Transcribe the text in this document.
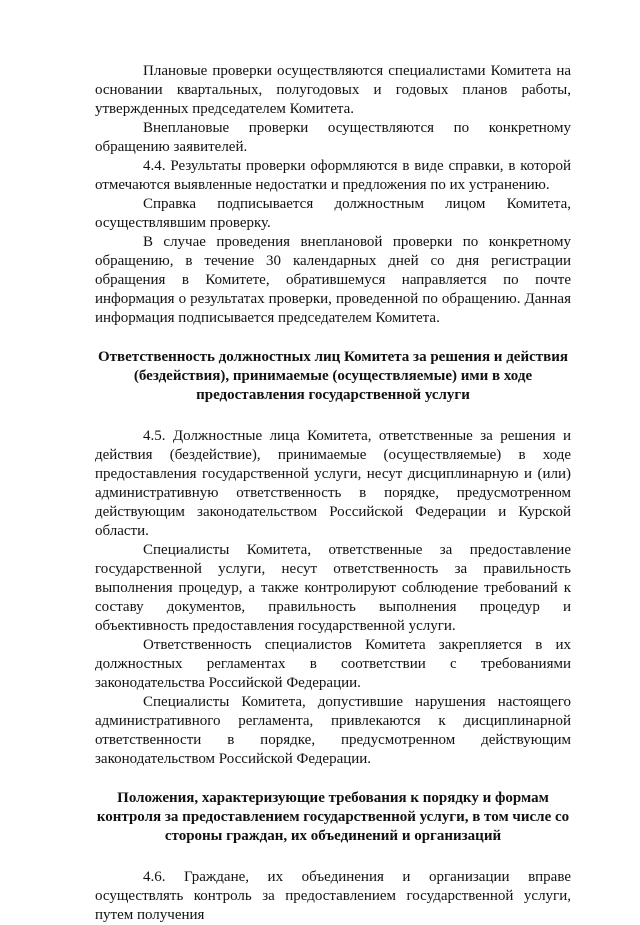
Плановые проверки осуществляются специалистами Комитета на основании квартальных, полугодовых и годовых планов работы, утвержденных председателем Комитета.

Внеплановые проверки осуществляются по конкретному обращению заявителей.

4.4. Результаты проверки оформляются в виде справки, в которой отмечаются выявленные недостатки и предложения по их устранению.

Справка подписывается должностным лицом Комитета, осуществлявшим проверку.

В случае проведения внеплановой проверки по конкретному обращению, в течение 30 календарных дней со дня регистрации обращения в Комитете, обратившемуся направляется по почте информация о результатах проверки, проведенной по обращению. Данная информация подписывается председателем Комитета.

Ответственность должностных лиц Комитета за решения и действия (бездействия), принимаемые (осуществляемые) ими в ходе предоставления государственной услуги

4.5. Должностные лица Комитета, ответственные за решения и действия (бездействие), принимаемые (осуществляемые) в ходе предоставления государственной услуги, несут дисциплинарную и (или) административную ответственность в порядке, предусмотренном действующим законодательством Российской Федерации и Курской области.

Специалисты Комитета, ответственные за предоставление государственной услуги, несут ответственность за правильность выполнения процедур, а также контролируют соблюдение требований к составу документов, правильность выполнения процедур и объективность предоставления государственной услуги.

Ответственность специалистов Комитета закрепляется в их должностных регламентах в соответствии с требованиями законодательства Российской Федерации.

Специалисты Комитета, допустившие нарушения настоящего административного регламента, привлекаются к дисциплинарной ответственности в порядке, предусмотренном действующим законодательством Российской Федерации.

Положения, характеризующие требования к порядку и формам контроля за предоставлением государственной услуги, в том числе со стороны граждан, их объединений и организаций

4.6. Граждане, их объединения и организации вправе осуществлять контроль за предоставлением государственной услуги, путем получения
